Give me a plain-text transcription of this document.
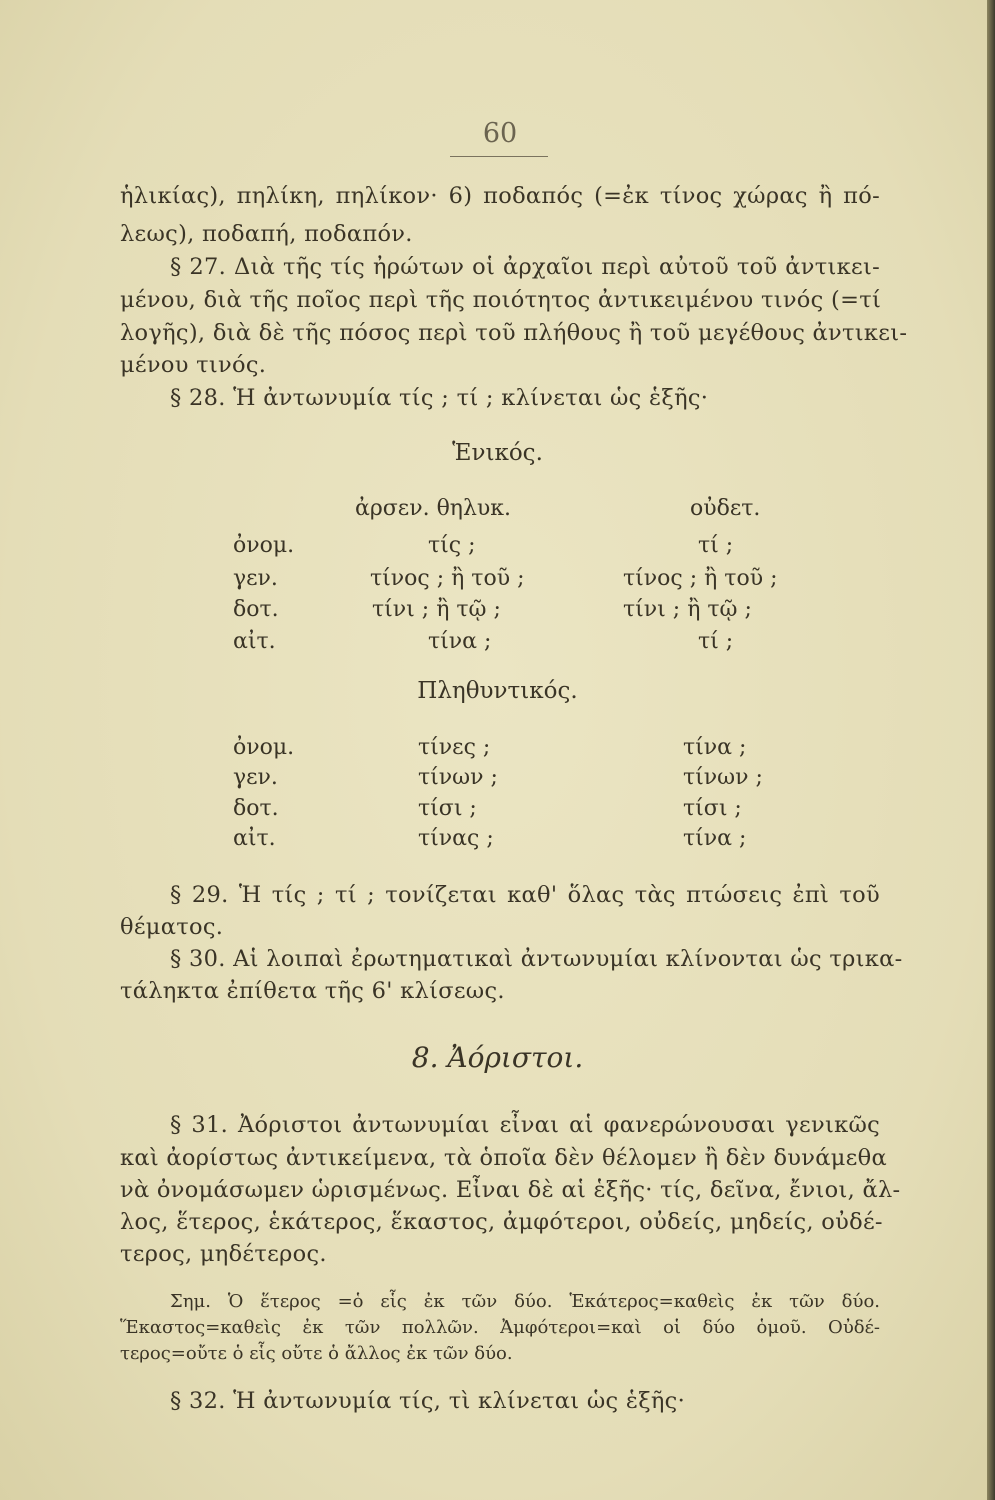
60
ἡλικίας), πηλίκη, πηλίκον· 6) ποδαπός (=ἐκ τίνος χώρας ἢ πό-
λεως), ποδαπή, ποδαπόν.
§ 27. Διὰ τῆς τίς ἠρώτων οἱ ἀρχαῖοι περὶ αὐτοῦ τοῦ ἀντικει-
μένου, διὰ τῆς ποῖος περὶ τῆς ποιότητος ἀντικειμένου τινός (=τί
λογῆς), διὰ δὲ τῆς πόσος περὶ τοῦ πλήθους ἢ τοῦ μεγέθους ἀντικει-
μένου τινός.
§ 28. Ἡ ἀντωνυμία τίς ; τί ; κλίνεται ὡς ἑξῆς·
Ἑνικός.
ἀρσεν. θηλυκ.	οὐδετ.
ὀνομ.	τίς ;	τί ;
γεν.	τίνος ; ἢ τοῦ ;	τίνος ; ἢ τοῦ ;
δοτ.	τίνι ; ἢ τῷ ;	τίνι ; ἢ τῷ ;
αἰτ.	τίνα ;	τί ;
Πληθυντικός.
ὀνομ.	τίνες ;	τίνα ;
γεν.	τίνων ;	τίνων ;
δοτ.	τίσι ;	τίσι ;
αἰτ.	τίνας ;	τίνα ;
§ 29. Ἡ τίς ; τί ; τονίζεται καθ' ὅλας τὰς πτώσεις ἐπὶ τοῦ
θέματος.
§ 30. Αἱ λοιπαὶ ἐρωτηματικαὶ ἀντωνυμίαι κλίνονται ὡς τρικα-
τάληκτα ἐπίθετα τῆς 6' κλίσεως.
8. Ἀόριστοι.
§ 31. Ἀόριστοι ἀντωνυμίαι εἶναι αἱ φανερώνουσαι γενικῶς
καὶ ἀορίστως ἀντικείμενα, τὰ ὁποῖα δὲν θέλομεν ἢ δὲν δυνάμεθα
νὰ ὀνομάσωμεν ὡρισμένως. Εἶναι δὲ αἱ ἑξῆς· τίς, δεῖνα, ἔνιοι, ἄλ-
λος, ἕτερος, ἑκάτερος, ἕκαστος, ἀμφότεροι, οὐδείς, μηδείς, οὐδέ-
τερος, μηδέτερος.
Σημ. Ὁ ἕτερος =ὁ εἷς ἐκ τῶν δύο. Ἑκάτερος=καθεὶς ἐκ τῶν δύο.
Ἕκαστος=καθεὶς ἐκ τῶν πολλῶν. Ἀμφότεροι=καὶ οἱ δύο ὁμοῦ. Οὐδέ-
τερος=οὔτε ὁ εἷς οὔτε ὁ ἄλλος ἐκ τῶν δύο.
§ 32. Ἡ ἀντωνυμία τίς, τὶ κλίνεται ὡς ἑξῆς·
